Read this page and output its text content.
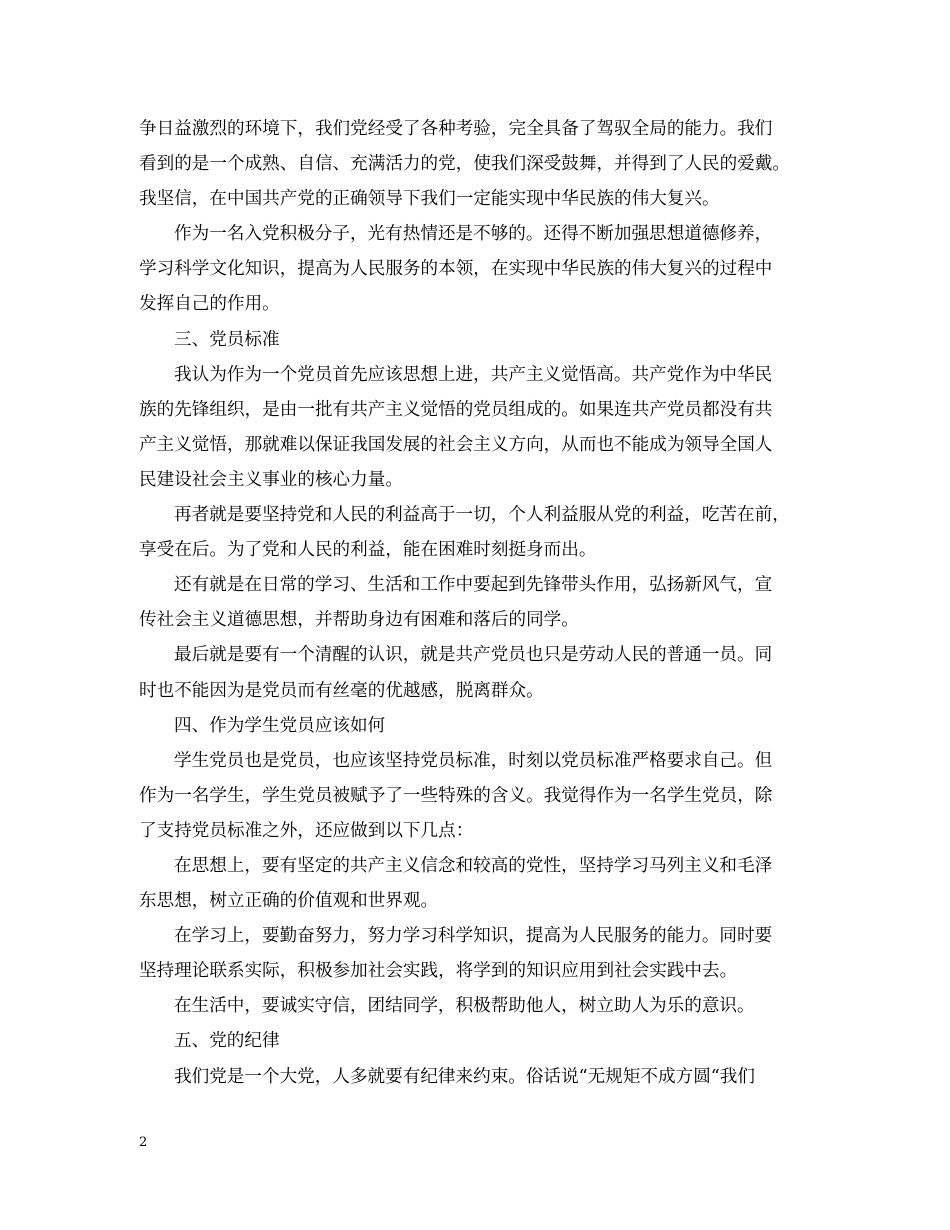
争日益激烈的环境下，我们党经受了各种考验，完全具备了驾驭全局的能力。我们
看到的是一个成熟、自信、充满活力的党，使我们深受鼓舞，并得到了人民的爱戴。
我坚信，在中国共产党的正确领导下我们一定能实现中华民族的伟大复兴。

作为一名入党积极分子，光有热情还是不够的。还得不断加强思想道德修养，
学习科学文化知识，提高为人民服务的本领，在实现中华民族的伟大复兴的过程中
发挥自己的作用。

三、党员标准

我认为作为一个党员首先应该思想上进，共产主义觉悟高。共产党作为中华民
族的先锋组织，是由一批有共产主义觉悟的党员组成的。如果连共产党员都没有共
产主义觉悟，那就难以保证我国发展的社会主义方向，从而也不能成为领导全国人
民建设社会主义事业的核心力量。

再者就是要坚持党和人民的利益高于一切，个人利益服从党的利益，吃苦在前，
享受在后。为了党和人民的利益，能在困难时刻挺身而出。

还有就是在日常的学习、生活和工作中要起到先锋带头作用，弘扬新风气，宣
传社会主义道德思想，并帮助身边有困难和落后的同学。

最后就是要有一个清醒的认识，就是共产党员也只是劳动人民的普通一员。同
时也不能因为是党员而有丝毫的优越感，脱离群众。

四、作为学生党员应该如何

学生党员也是党员，也应该坚持党员标准，时刻以党员标准严格要求自己。但
作为一名学生，学生党员被赋予了一些特殊的含义。我觉得作为一名学生党员，除
了支持党员标准之外，还应做到以下几点：

在思想上，要有坚定的共产主义信念和较高的党性，坚持学习马列主义和毛泽
东思想，树立正确的价值观和世界观。

在学习上，要勤奋努力，努力学习科学知识，提高为人民服务的能力。同时要
坚持理论联系实际，积极参加社会实践，将学到的知识应用到社会实践中去。

在生活中，要诚实守信，团结同学，积极帮助他人，树立助人为乐的意识。

五、党的纪律

我们党是一个大党，人多就要有纪律来约束。俗话说“无规矩不成方圆“我们

2
